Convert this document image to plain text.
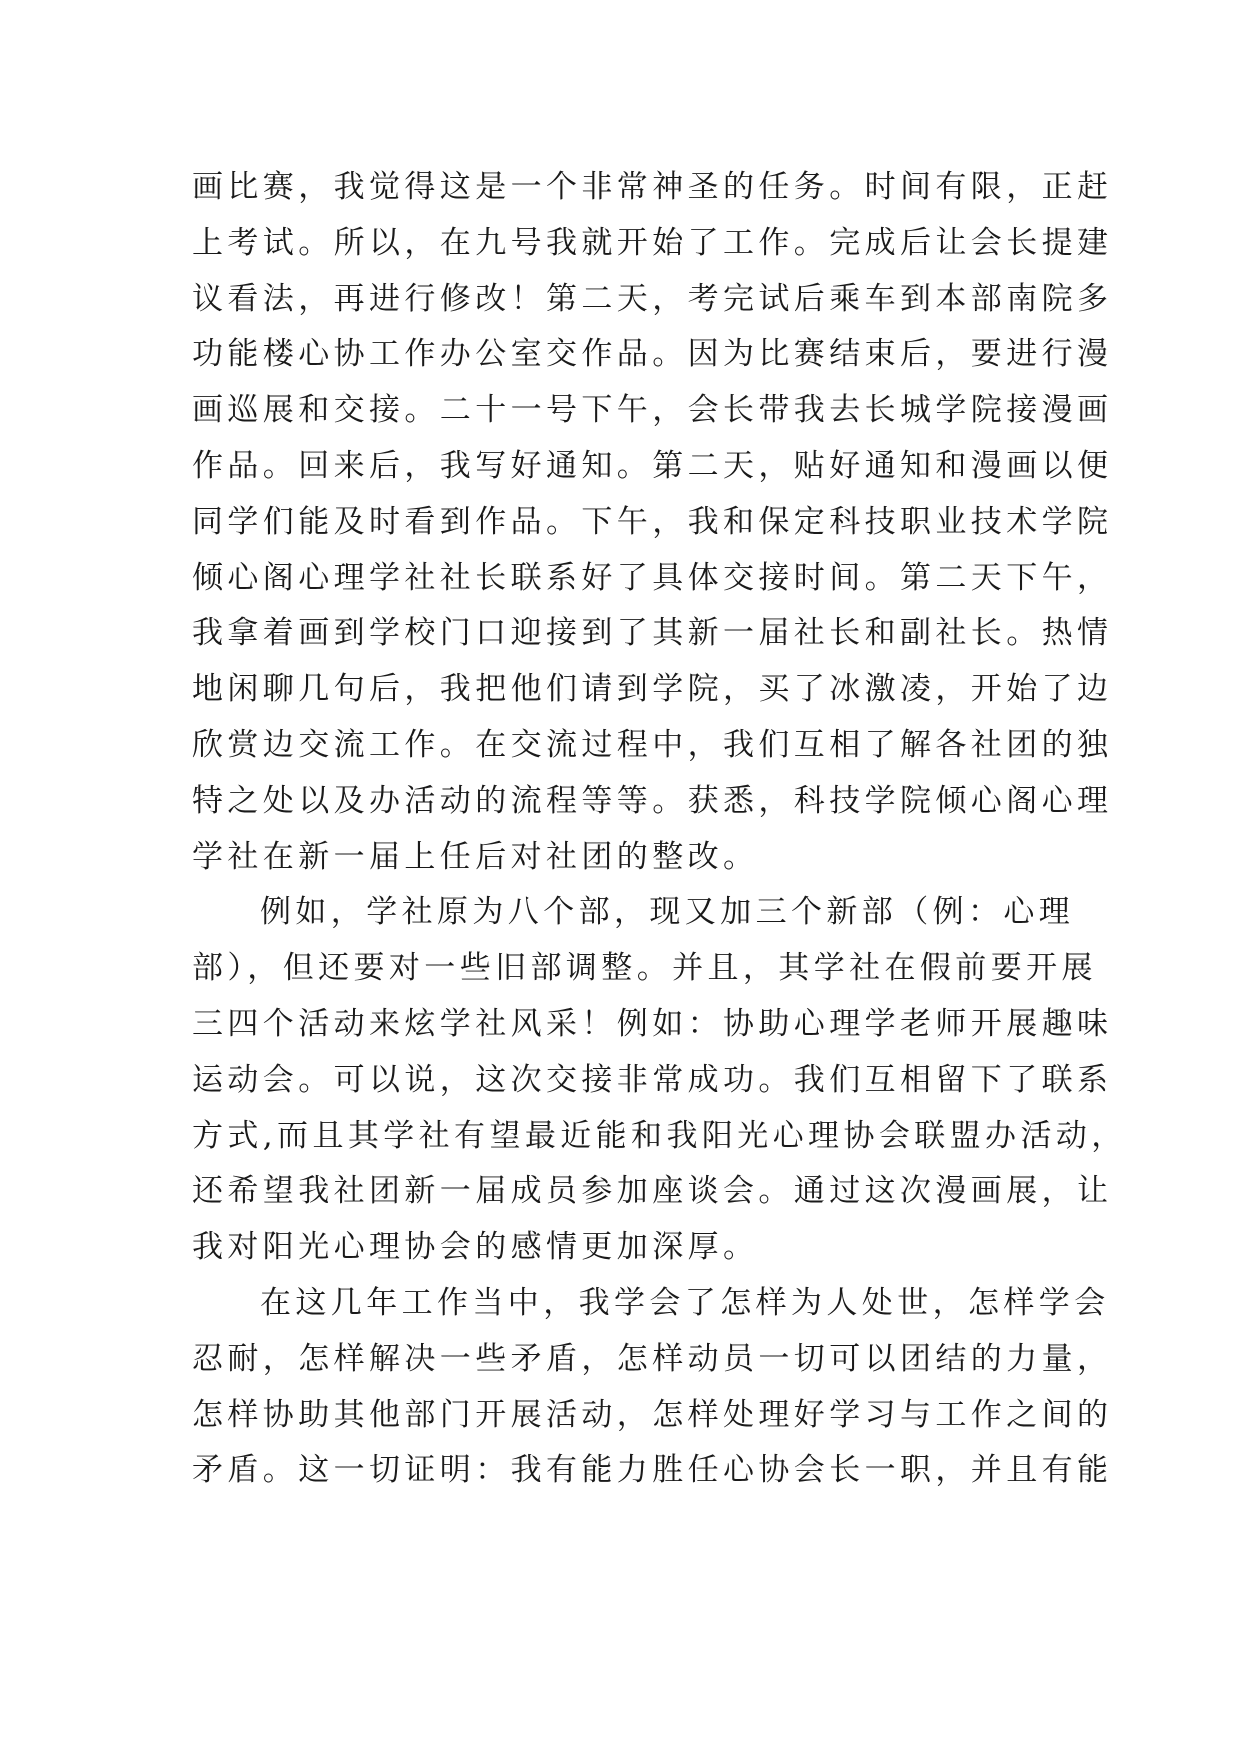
画比赛，我觉得这是一个非常神圣的任务。时间有限，正赶
上考试。所以，在九号我就开始了工作。完成后让会长提建
议看法，再进行修改！第二天，考完试后乘车到本部南院多
功能楼心协工作办公室交作品。因为比赛结束后，要进行漫
画巡展和交接。二十一号下午，会长带我去长城学院接漫画
作品。回来后，我写好通知。第二天，贴好通知和漫画以便
同学们能及时看到作品。下午，我和保定科技职业技术学院
倾心阁心理学社社长联系好了具体交接时间。第二天下午，
我拿着画到学校门口迎接到了其新一届社长和副社长。热情
地闲聊几句后，我把他们请到学院，买了冰激凌，开始了边
欣赏边交流工作。在交流过程中，我们互相了解各社团的独
特之处以及办活动的流程等等。获悉，科技学院倾心阁心理
学社在新一届上任后对社团的整改。
例如，学社原为八个部，现又加三个新部（例：心理
部），但还要对一些旧部调整。并且，其学社在假前要开展
三四个活动来炫学社风采！例如：协助心理学老师开展趣味
运动会。可以说，这次交接非常成功。我们互相留下了联系
方式,而且其学社有望最近能和我阳光心理协会联盟办活动，
还希望我社团新一届成员参加座谈会。通过这次漫画展，让
我对阳光心理协会的感情更加深厚。
在这几年工作当中，我学会了怎样为人处世，怎样学会
忍耐，怎样解决一些矛盾，怎样动员一切可以团结的力量，
怎样协助其他部门开展活动，怎样处理好学习与工作之间的
矛盾。这一切证明：我有能力胜任心协会长一职，并且有能
